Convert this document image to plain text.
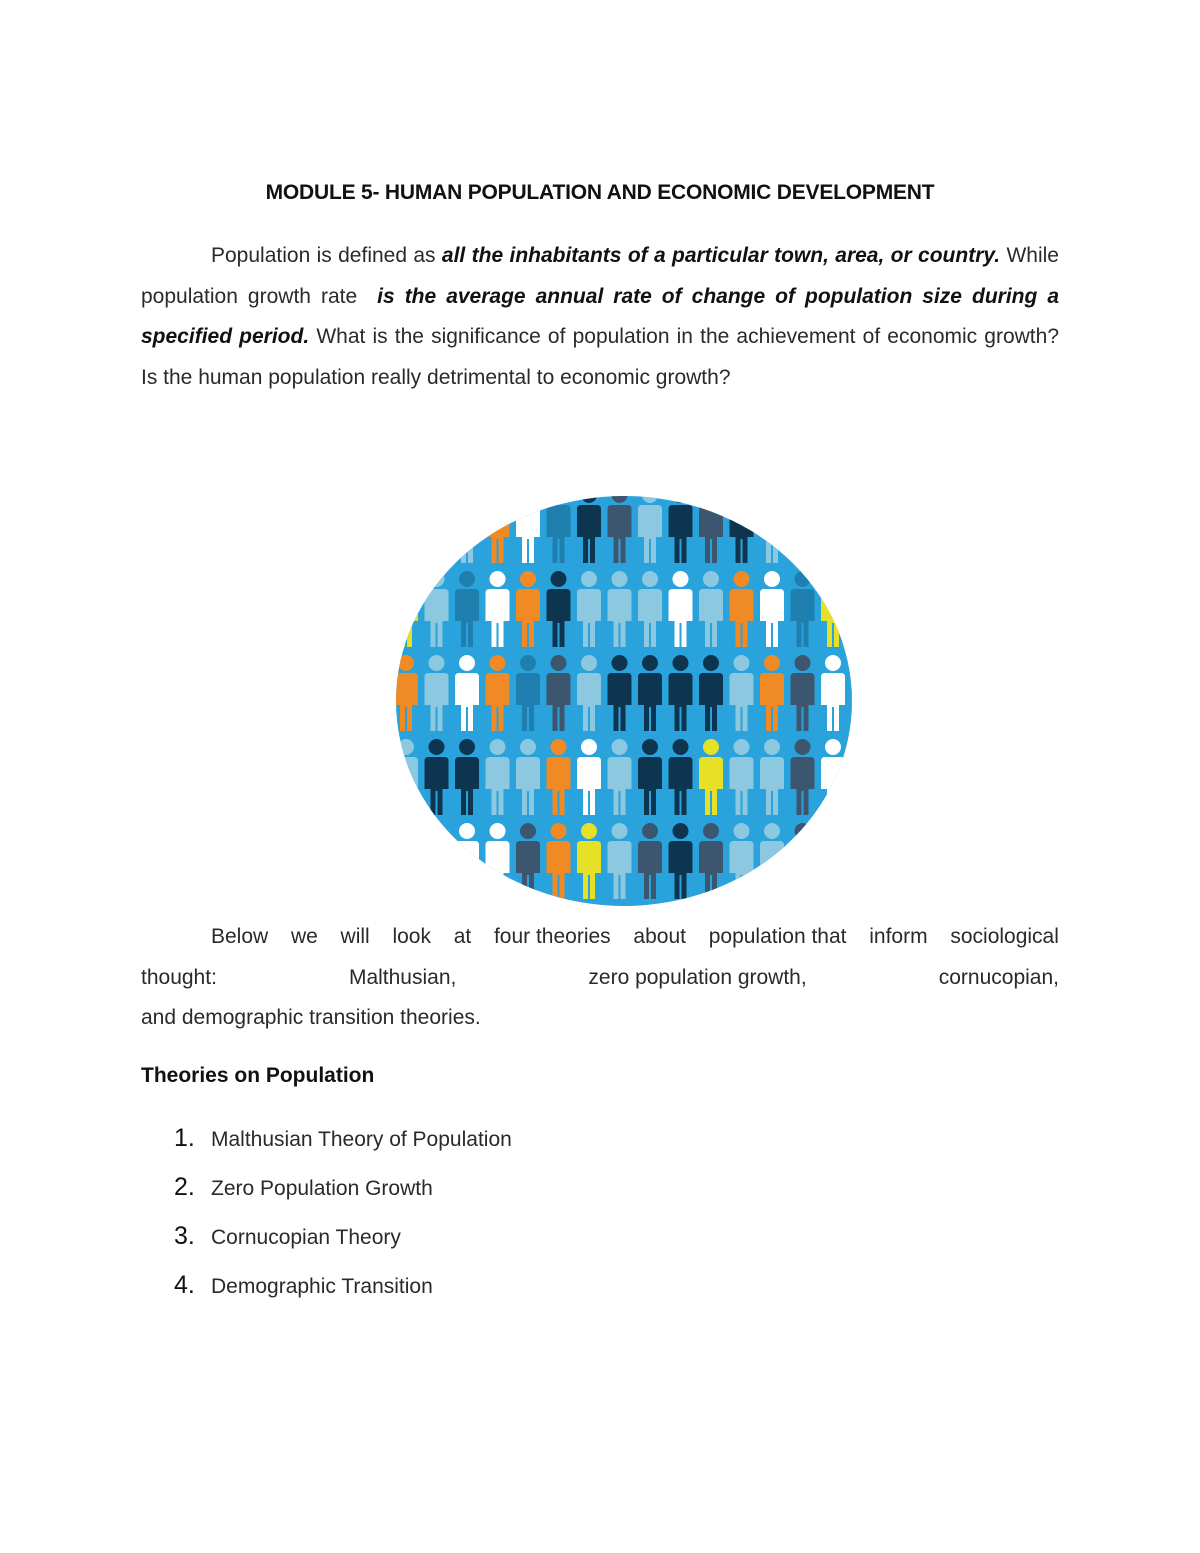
MODULE 5- HUMAN POPULATION AND ECONOMIC DEVELOPMENT
Population is defined as all the inhabitants of a particular town, area, or country. While population growth rate is the average annual rate of change of population size during a specified period. What is the significance of population in the achievement of economic growth? Is the human population really detrimental to economic growth?
Below we will look at four theories about population that inform sociological
thought:	Malthusian,	zero population growth,	cornucopian,
and demographic transition theories.
Theories on Population
1. Malthusian Theory of Population
2. Zero Population Growth
3. Cornucopian Theory
4. Demographic Transition
